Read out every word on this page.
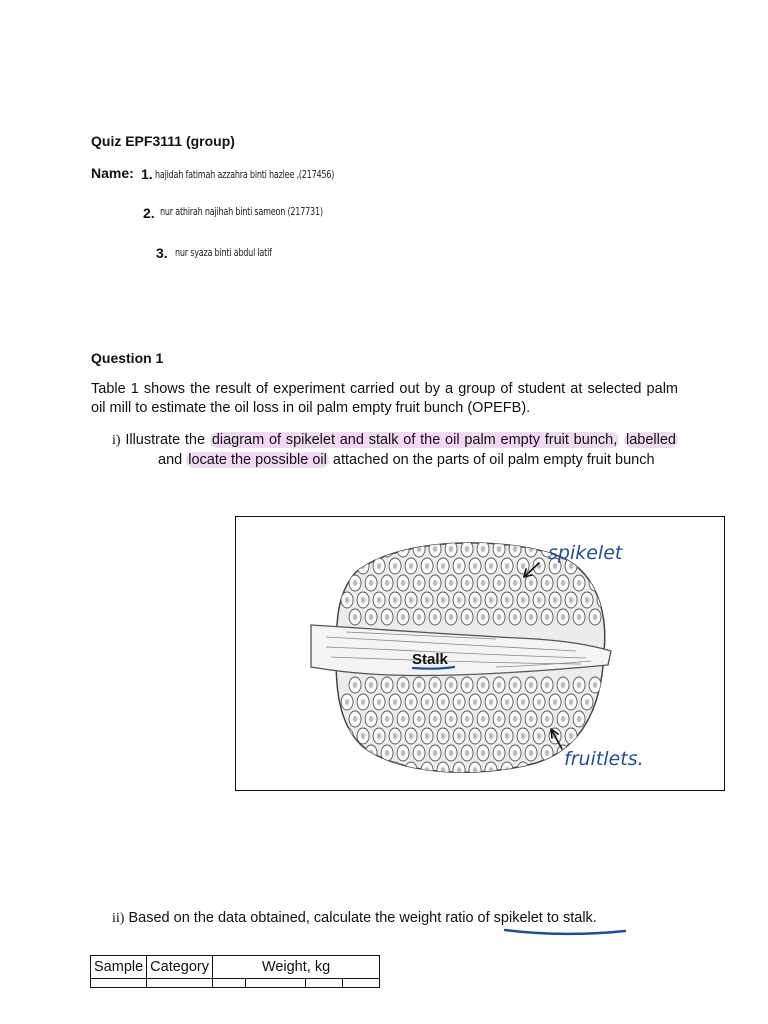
Quiz EPF3111 (group)
Name: 1. hajidah fatimah azzahra binti hazlee ,(217456)
2. nur athirah najihah binti sameon (217731)
3. nur syaza binti abdul latif
Question 1
Table 1 shows the result of experiment carried out by a group of student at selected palm oil mill to estimate the oil loss in oil palm empty fruit bunch (OPEFB).
i) Illustrate the diagram of spikelet and stalk of the oil palm empty fruit bunch, labelled and locate the possible oil attached on the parts of oil palm empty fruit bunch
Stalk
spikelet
fruitlets.
ii) Based on the data obtained, calculate the weight ratio of spikelet to stalk.
Sample	Category	Weight, kg			
